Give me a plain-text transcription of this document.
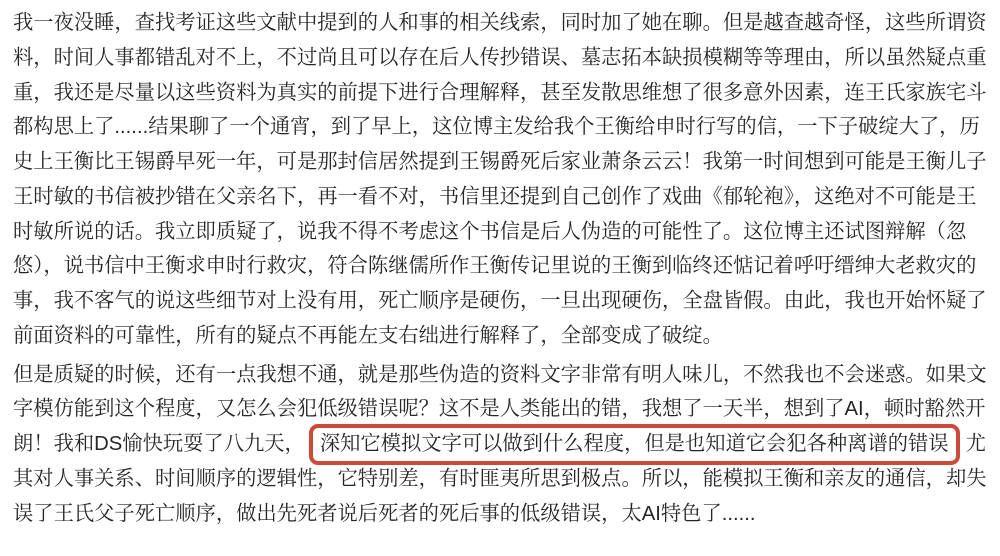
我一夜没睡，查找考证这些文献中提到的人和事的相关线索，同时加了她在聊。但是越查越奇怪，这些所谓资
料，时间人事都错乱对不上，不过尚且可以存在后人传抄错误、墓志拓本缺损模糊等等理由，所以虽然疑点重
重，我还是尽量以这些资料为真实的前提下进行合理解释，甚至发散思维想了很多意外因素，连王氏家族宅斗
都构思上了......结果聊了一个通宵，到了早上，这位博主发给我个王衡给申时行写的信，一下子破绽大了，历
史上王衡比王锡爵早死一年，可是那封信居然提到王锡爵死后家业萧条云云！我第一时间想到可能是王衡儿子
王时敏的书信被抄错在父亲名下，再一看不对，书信里还提到自己创作了戏曲《郁轮袍》，这绝对不可能是王
时敏所说的话。我立即质疑了，说我不得不考虑这个书信是后人伪造的可能性了。这位博主还试图辩解（忽
悠），说书信中王衡求申时行救灾，符合陈继儒所作王衡传记里说的王衡到临终还惦记着呼吁缙绅大老救灾的
事，我不客气的说这些细节对上没有用，死亡顺序是硬伤，一旦出现硬伤，全盘皆假。由此，我也开始怀疑了
前面资料的可靠性，所有的疑点不再能左支右绌进行解释了，全部变成了破绽。
但是质疑的时候，还有一点我想不通，就是那些伪造的资料文字非常有明人味儿，不然我也不会迷惑。如果文
字模仿能到这个程度，又怎么会犯低级错误呢？这不是人类能出的错，我想了一天半，想到了AI，顿时豁然开
朗！我和DS愉快玩耍了八九天， 深知它模拟文字可以做到什么程度，但是也知道它会犯各种离谱的错误 尤
其对人事关系、时间顺序的逻辑性，它特别差，有时匪夷所思到极点。所以，能模拟王衡和亲友的通信，却失
误了王氏父子死亡顺序，做出先死者说后死者的死后事的低级错误，太AI特色了......
